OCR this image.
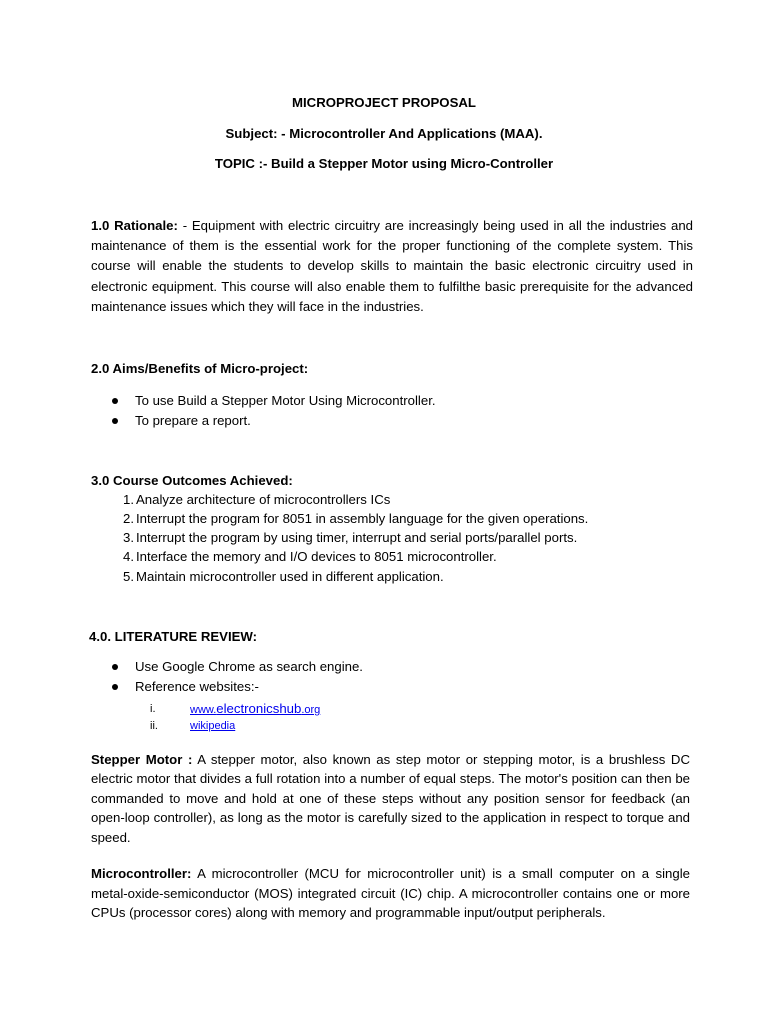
MICROPROJECT PROPOSAL
Subject: - Microcontroller And Applications (MAA).
TOPIC :- Build a Stepper Motor using Micro-Controller
1.0 Rationale: - Equipment with electric circuitry are increasingly being used in all the industries and maintenance of them is the essential work for the proper functioning of the complete system. This course will enable the students to develop skills to maintain the basic electronic circuitry used in electronic equipment. This course will also enable them to fulfilthe basic prerequisite for the advanced maintenance issues which they will face in the industries.
2.0 Aims/Benefits of Micro-project:
To use Build a Stepper Motor Using Microcontroller.
To prepare a report.
3.0 Course Outcomes Achieved:
1. Analyze architecture of microcontrollers ICs
2. Interrupt the program for 8051 in assembly language for the given operations.
3. Interrupt the program by using timer, interrupt and serial ports/parallel ports.
4. Interface the memory and I/O devices to 8051 microcontroller.
5. Maintain microcontroller used in different application.
4.0. LITERATURE REVIEW:
Use Google Chrome as search engine.
Reference websites:-
i.	www.electronicshub.org
ii.	wikipedia
Stepper Motor : A stepper motor, also known as step motor or stepping motor, is a brushless DC electric motor that divides a full rotation into a number of equal steps. The motor's position can then be commanded to move and hold at one of these steps without any position sensor for feedback (an open-loop controller), as long as the motor is carefully sized to the application in respect to torque and speed.
Microcontroller: A microcontroller (MCU for microcontroller unit) is a small computer on a single metal-oxide-semiconductor (MOS) integrated circuit (IC) chip. A microcontroller contains one or more CPUs (processor cores) along with memory and programmable input/output peripherals.
